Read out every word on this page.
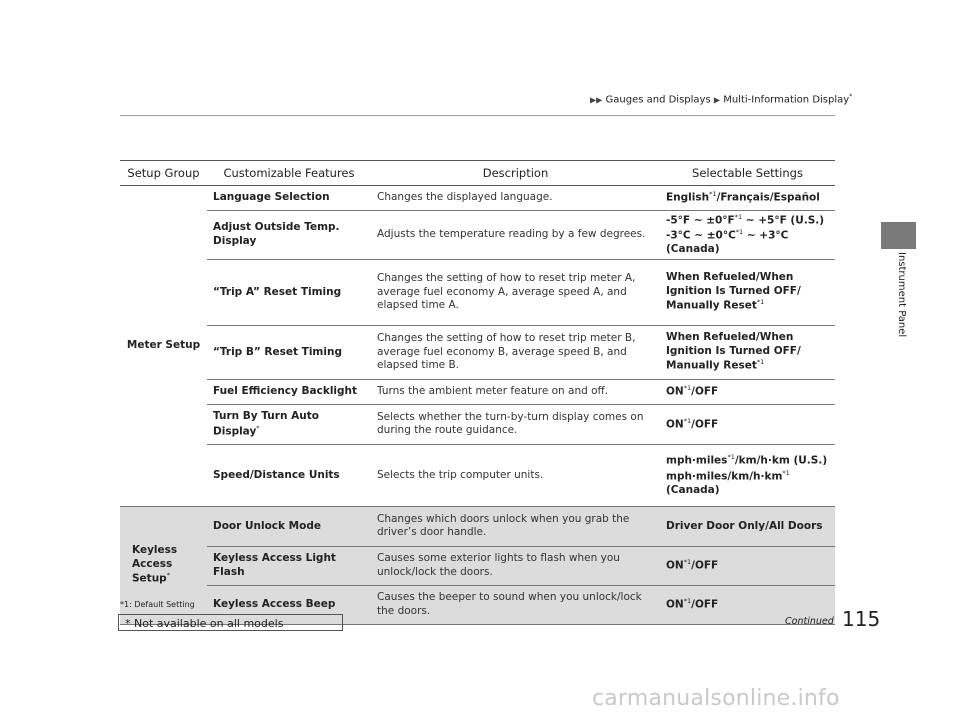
▶▶ Gauges and Displays ▶ Multi-Information Display*
Instrument Panel
Setup Group	Customizable Features	Description	Selectable Settings
Meter Setup	Language Selection	Changes the displayed language.	English$^{*1}$/Français/Español
	Adjust Outside Temp. Display	Adjusts the temperature reading by a few degrees.	-5°F ~ $\pm 0^\circ F^{*1}$ ~ +5°F (U.S.)
-3°C ~ $\pm 0^\circ C^{*1}$ ~ +3°C (Canada)
	“Trip A” Reset Timing	Changes the setting of how to reset trip meter A, average fuel economy A, average speed A, and elapsed time A.	When Refueled/When
Ignition Is Turned OFF/
Manually Reset$^{*1}$
	“Trip B” Reset Timing	Changes the setting of how to reset trip meter B, average fuel economy B, average speed B, and elapsed time B.	When Refueled/When
Ignition Is Turned OFF/
Manually Reset$^{*1}$
	Fuel Efficiency Backlight	Turns the ambient meter feature on and off.	ON$^{*1}$/OFF
	Turn By Turn Auto
Display*	Selects whether the turn-by-turn display comes on during the route guidance.	ON$^{*1}$/OFF
	Speed/Distance Units	Selects the trip computer units.	mph·miles$^{*1}$/km/h·km (U.S.)
$mph\cdot miles/km/h\cdot km^{*1}$
(Canada)
Keyless
Access
Setup*	Door Unlock Mode	Changes which doors unlock when you grab the driver’s door handle.	Driver Door Only/All Doors
	Keyless Access Light
Flash	Causes some exterior lights to flash when you unlock/lock the doors.	ON$^{*1}$/OFF
	Keyless Access Beep	Causes the beeper to sound when you unlock/lock the doors.	ON$^{*1}$/OFF
*1: Default Setting
Continued 115
* Not available on all models
carmanualsonline.info
